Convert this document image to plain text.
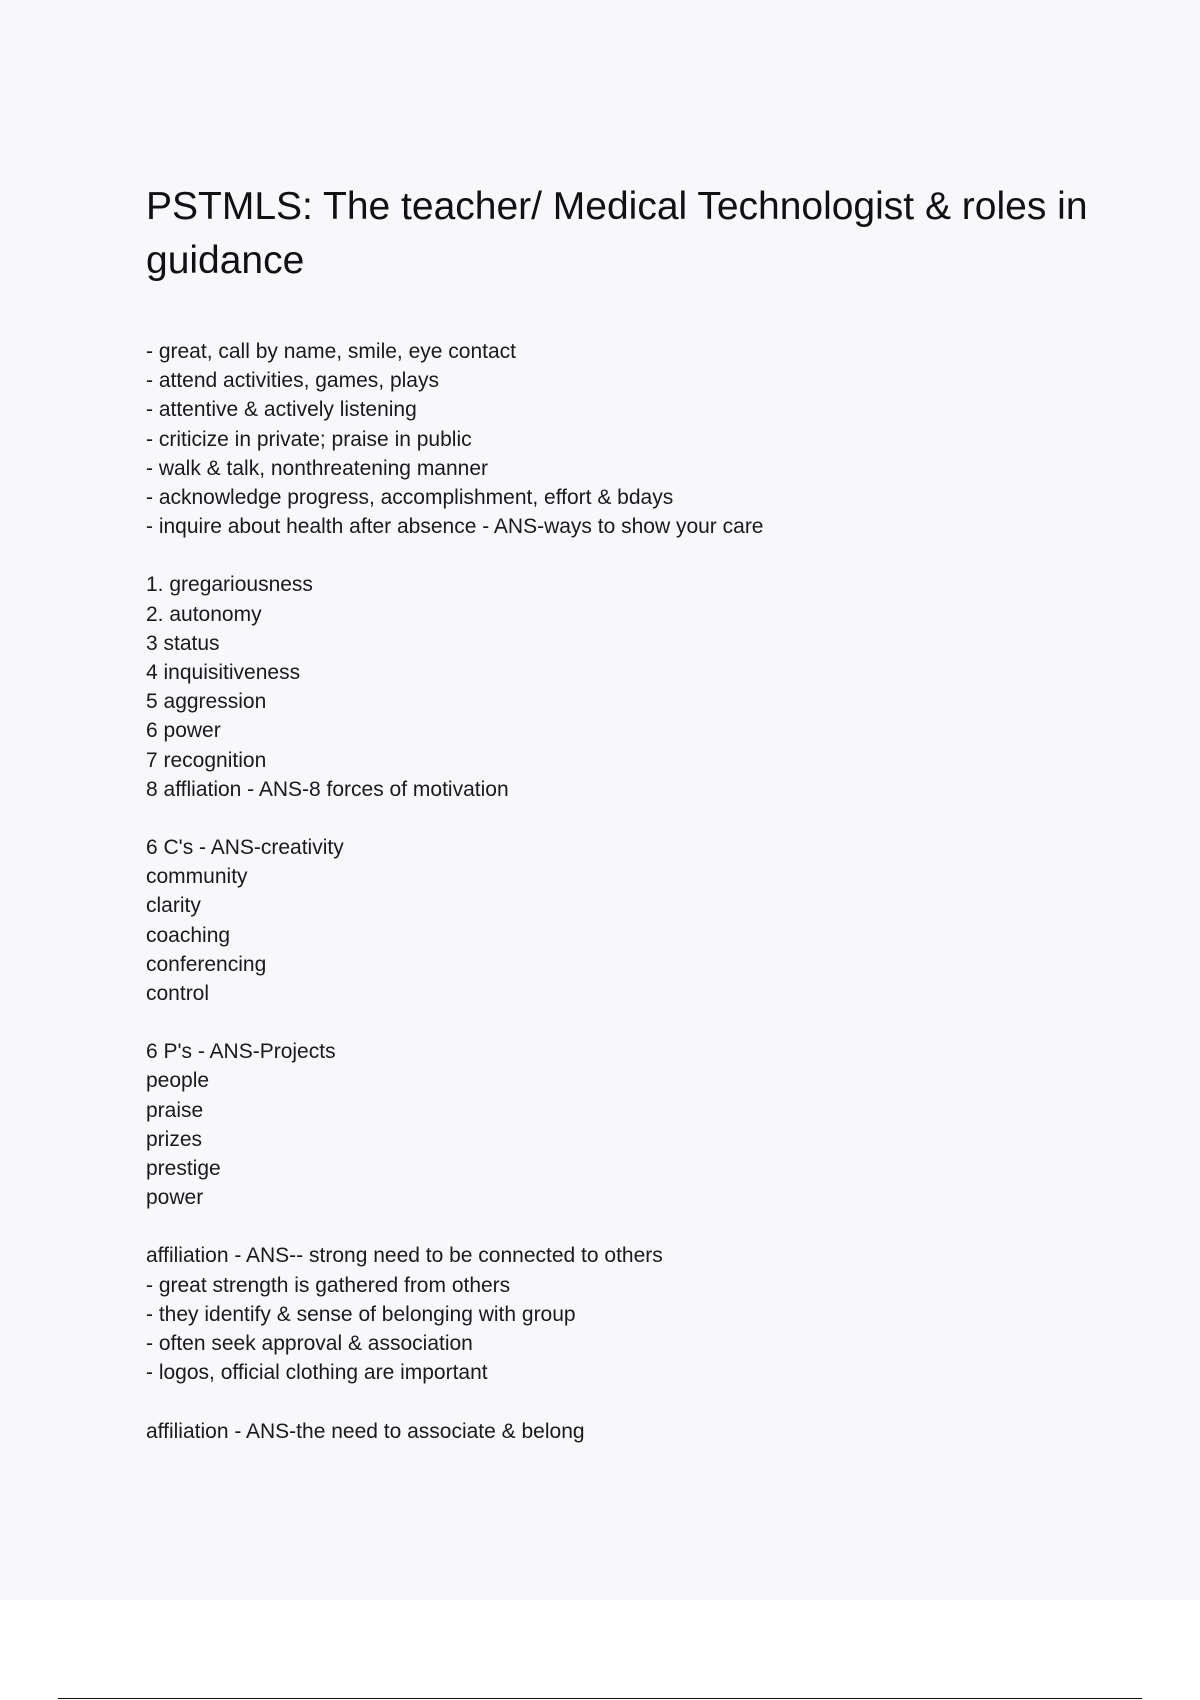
PSTMLS: The teacher/ Medical Technologist & roles in guidance
- great, call by name, smile, eye contact
- attend activities, games, plays
- attentive & actively listening
- criticize in private; praise in public
- walk & talk, nonthreatening manner
- acknowledge progress, accomplishment, effort & bdays
- inquire about health after absence - ANS-ways to show your care
1. gregariousness
2. autonomy
3 status
4 inquisitiveness
5 aggression
6 power
7 recognition
8 affliation - ANS-8 forces of motivation
6 C's - ANS-creativity
community
clarity
coaching
conferencing
control
6 P's - ANS-Projects
people
praise
prizes
prestige
power
affiliation - ANS-- strong need to be connected to others
- great strength is gathered from others
- they identify & sense of belonging with group
- often seek approval & association
- logos, official clothing are important
affiliation - ANS-the need to associate & belong
